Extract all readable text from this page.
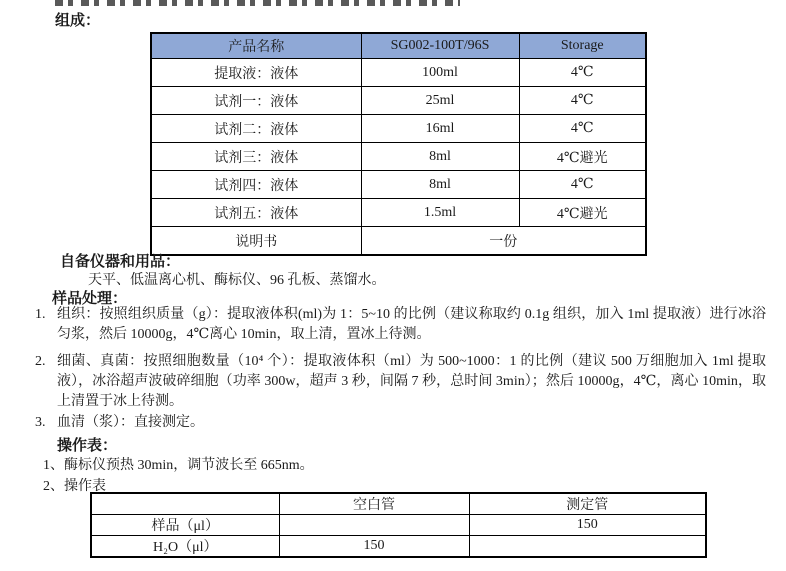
组成：
产品名称	SG002-100T/96S	Storage
提取液：液体	100ml	4℃
试剂一：液体	25ml	4℃
试剂二：液体	16ml	4℃
试剂三：液体	8ml	4℃避光
试剂四：液体	8ml	4℃
试剂五：液体	1.5ml	4℃避光
说明书	一份	
自备仪器和用品：
天平、低温离心机、酶标仪、96 孔板、蒸馏水。
样品处理：
1. 组织：按照组织质量（g）：提取液体积(ml)为 1：5~10 的比例（建议称取约 0.1g 组织，加入 1ml 提取液）进行冰浴匀浆，然后 10000g，4℃离心 10min，取上清，置冰上待测。
2. 细菌、真菌：按照细胞数量（10⁴ 个）：提取液体积（ml）为 500~1000：1 的比例（建议 500 万细胞加入 1ml 提取液），冰浴超声波破碎细胞（功率 300w，超声 3 秒，间隔 7 秒，总时间 3min）；然后 10000g，4℃，离心 10min，取上清置于冰上待测。
3. 血清（浆）：直接测定。
操作表：
1、酶标仪预热 30min，调节波长至 665nm。
2、操作表
	空白管	测定管
样品（μl）		150
H₂O（μl）	150	
